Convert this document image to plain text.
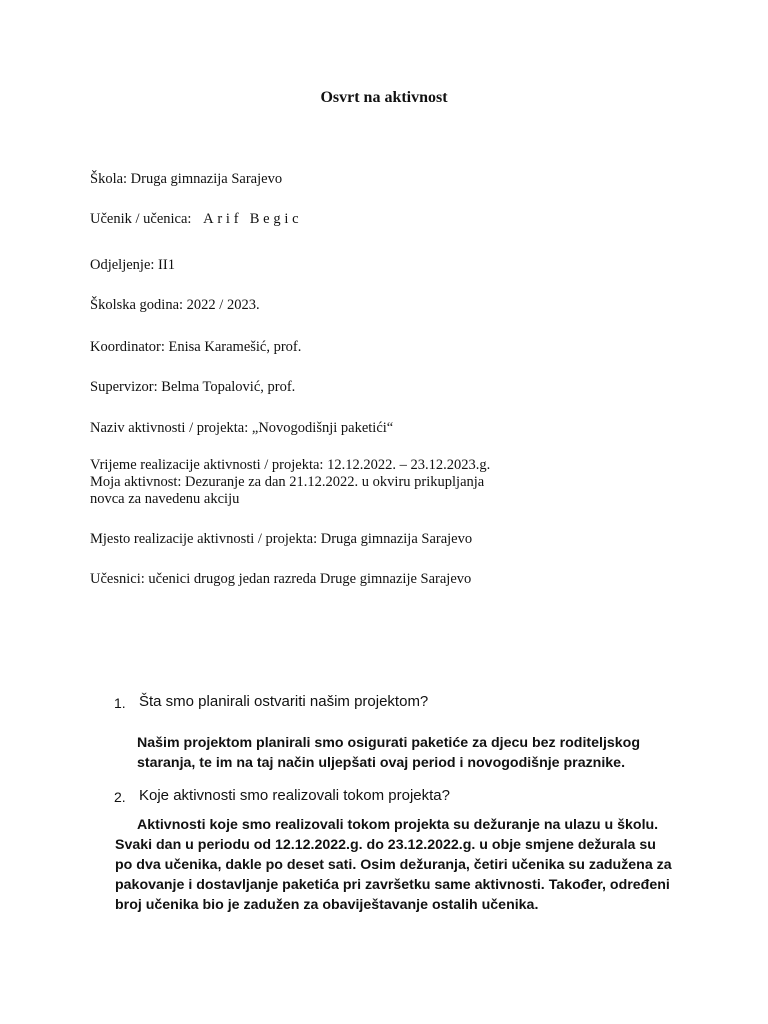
Osvrt na aktivnost
Škola: Druga gimnazija Sarajevo
Učenik / učenica: Arif Begic
Odjeljenje: II1
Školska godina: 2022 / 2023.
Koordinator: Enisa Karamešić, prof.
Supervizor: Belma Topalović, prof.
Naziv aktivnosti / projekta: „Novogodišnji paketići“
Vrijeme realizacije aktivnosti / projekta: 12.12.2022. – 23.12.2023.g.
Moja aktivnost: Dezuranje za dan 21.12.2022. u okviru prikupljanja
novca za navedenu akciju
Mjesto realizacije aktivnosti / projekta: Druga gimnazija Sarajevo
Učesnici: učenici drugog jedan razreda Druge gimnazije Sarajevo
1. Šta smo planirali ostvariti našim projektom?
Našim projektom planirali smo osigurati paketiće za djecu bez roditeljskog
staranja, te im na taj način uljepšati ovaj period i novogodišnje praznike.
2. Koje aktivnosti smo realizovali tokom projekta?
Aktivnosti koje smo realizovali tokom projekta su dežuranje na ulazu u školu.
Svaki dan u periodu od 12.12.2022.g. do 23.12.2022.g. u obje smjene dežurala su
po dva učenika, dakle po deset sati. Osim dežuranja, četiri učenika su zadužena za
pakovanje i dostavljanje paketića pri završetku same aktivnosti. Također, određeni
broj učenika bio je zadužen za obaviještavanje ostalih učenika.
